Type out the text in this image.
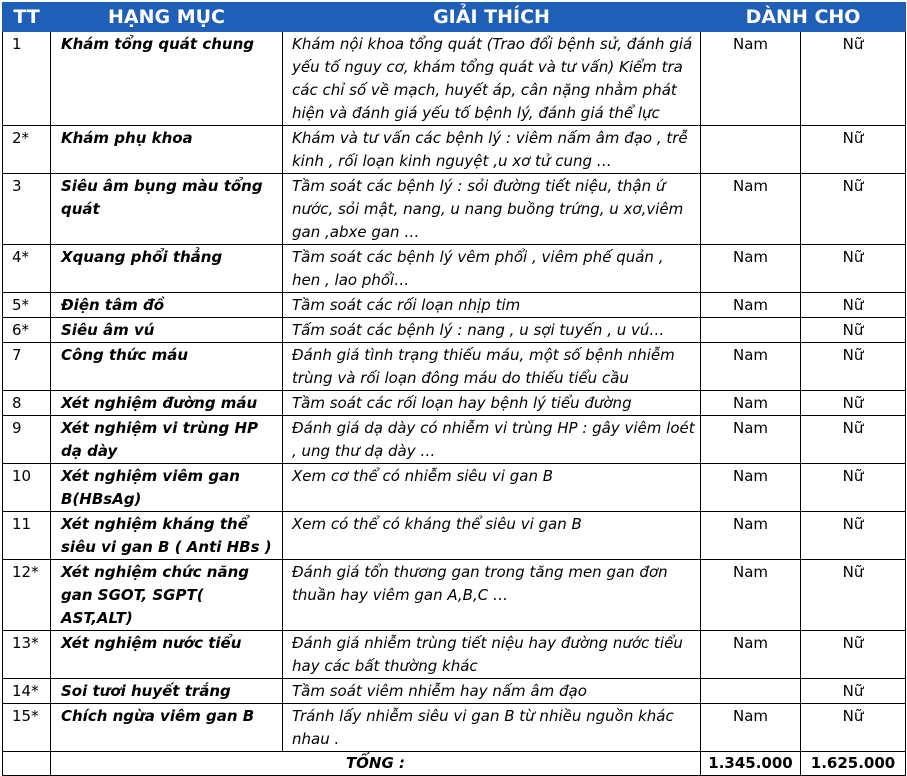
TT	HẠNG MỤC	GIẢI THÍCH	DÀNH CHO	
1	Khám tổng quát chung	Khám nội khoa tổng quát (Trao đổi bệnh sử, đánh giá yếu tố nguy cơ, khám tổng quát và tư vấn) Kiểm tra các chỉ số về mạch, huyết áp, cân nặng nhằm phát hiện và đánh giá yếu tố bệnh lý, đánh giá thể lực	Nam	Nữ
2*	Khám phụ khoa	Khám và tư vấn các bệnh lý : viêm nấm âm đạo , trễ kinh , rối loạn kinh nguyệt ,u xơ tử cung …		Nữ
3	Siêu âm bụng màu tổng quát	Tầm soát các bệnh lý : sỏi đường tiết niệu, thận ứ nước, sỏi mật, nang, u nang buồng trứng, u xơ,viêm gan ,abxe gan …	Nam	Nữ
4*	Xquang phổi thẳng	Tầm soát các bệnh lý vêm phổi , viêm phế quản , hen , lao phổi…	Nam	Nữ
5*	Điện tâm đồ	Tầm soát các rối loạn nhịp tim	Nam	Nữ
6*	Siêu âm vú	Tấm soát các bệnh lý : nang , u sợi tuyến , u vú…		Nữ
7	Công thức máu	Đánh giá tình trạng thiếu máu, một số bệnh nhiễm trùng và rối loạn đông máu do thiếu tiểu cầu	Nam	Nữ
8	Xét nghiệm đường máu	Tầm soát các rối loạn hay bệnh lý tiểu đường	Nam	Nữ
9	Xét nghiệm vi trùng HP dạ dày	Đánh giá dạ dày có nhiễm vi trùng HP : gây viêm loét , ung thư dạ dày …	Nam	Nữ
10	Xét nghiệm viêm gan B(HBsAg)	Xem cơ thể có nhiễm siêu vi gan B	Nam	Nữ
11	Xét nghiệm kháng thể siêu vi gan B ( Anti HBs )	Xem có thể có kháng thể siêu vi gan B	Nam	Nữ
12*	Xét nghiệm chức năng gan SGOT, SGPT( AST,ALT)	Đánh giá tổn thương gan trong tăng men gan đơn thuần hay viêm gan A,B,C …	Nam	Nữ
13*	Xét nghiệm nước tiểu	Đánh giá nhiễm trùng tiết niệu hay đường nước tiểu hay các bất thường khác	Nam	Nữ
14*	Soi tươi huyết trắng	Tầm soát viêm nhiễm hay nấm âm đạo		Nữ
15*	Chích ngừa viêm gan B	Tránh lấy nhiễm siêu vi gan B từ nhiều nguồn khác nhau .	Nam	Nữ
	TỔNG :		1.345.000	1.625.000
